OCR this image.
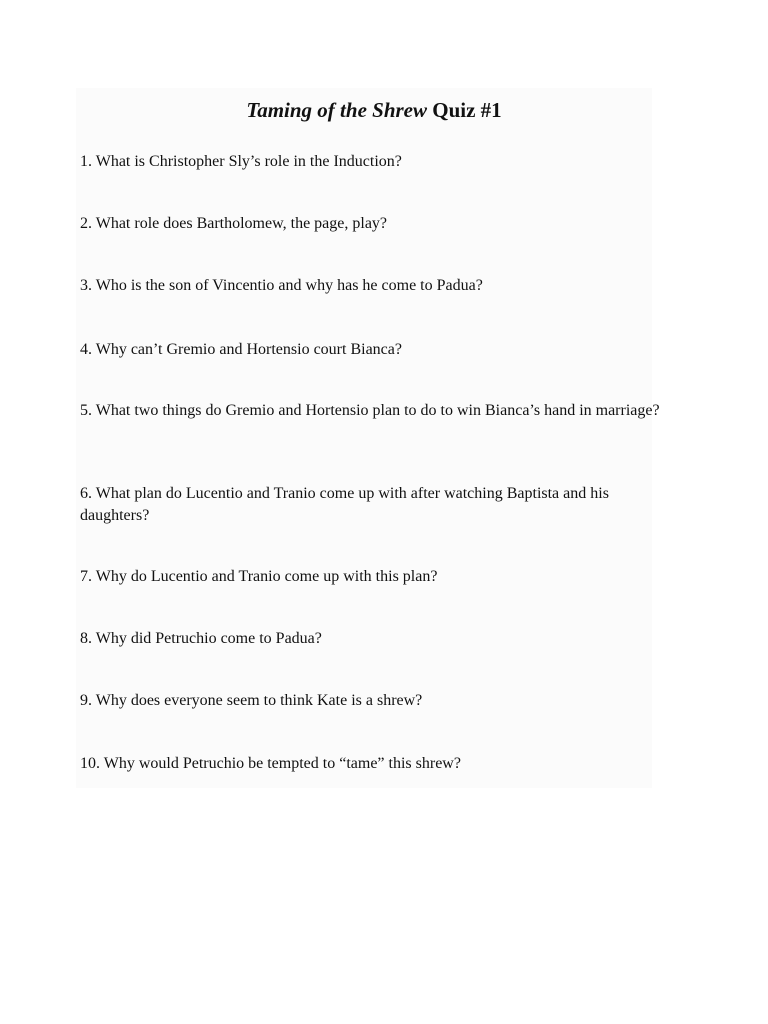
Taming of the Shrew Quiz #1

1. What is Christopher Sly’s role in the Induction?

2. What role does Bartholomew, the page, play?

3. Who is the son of Vincentio and why has he come to Padua?

4. Why can’t Gremio and Hortensio court Bianca?

5. What two things do Gremio and Hortensio plan to do to win Bianca’s hand in marriage?

6. What plan do Lucentio and Tranio come up with after watching Baptista and his daughters?

7. Why do Lucentio and Tranio come up with this plan?

8. Why did Petruchio come to Padua?

9. Why does everyone seem to think Kate is a shrew?

10. Why would Petruchio be tempted to “tame” this shrew?
